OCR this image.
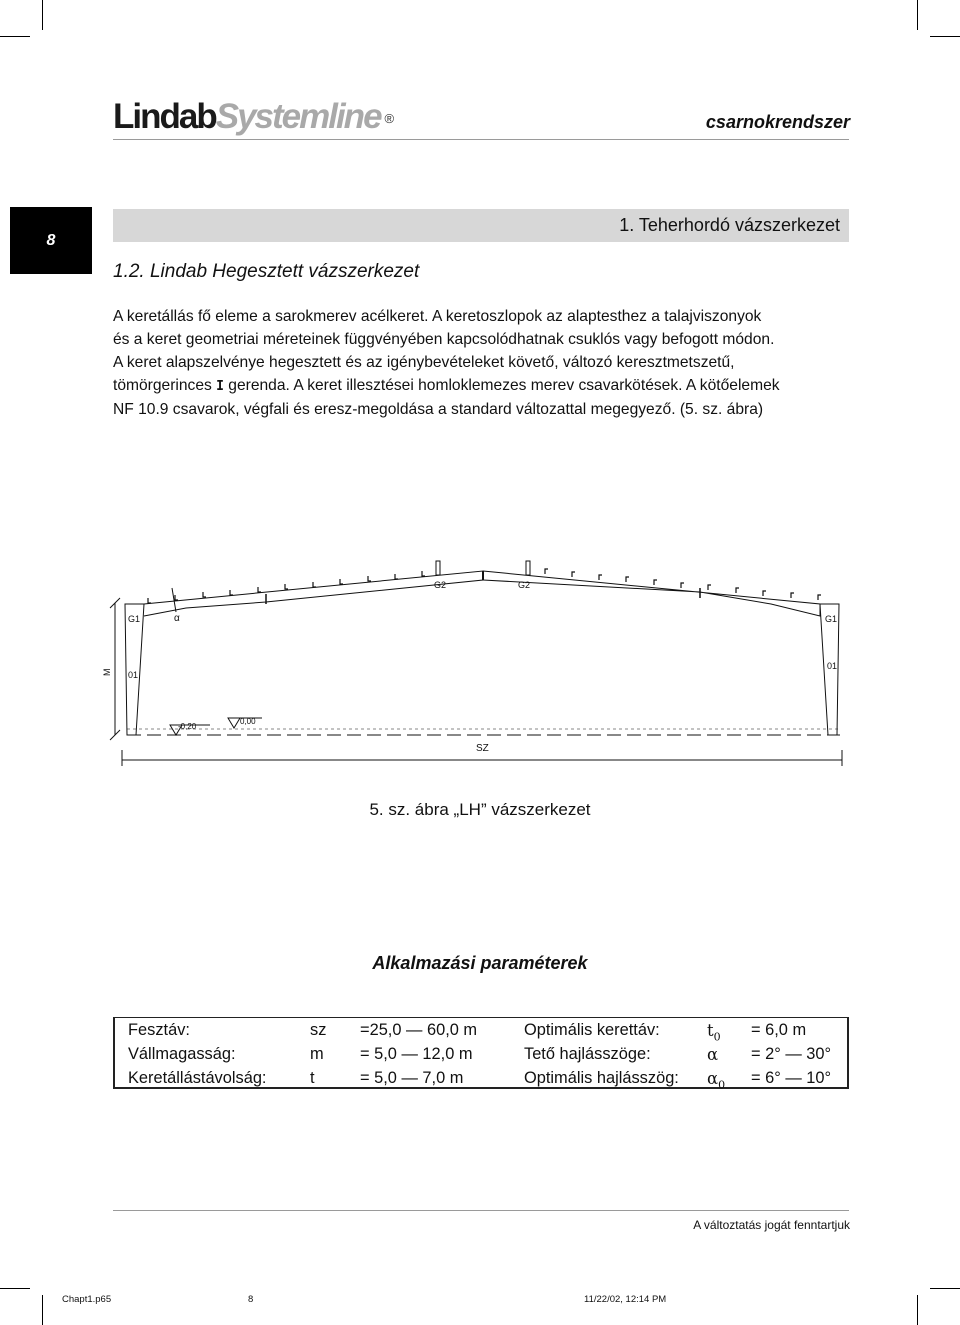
LindabSystemline ®	csarnokrendszer
8
1. Teherhordó vázszerkezet
1.2. Lindab Hegesztett vázszerkezet

A keretállás fő eleme a sarokmerev acélkeret. A keretoszlopok az alaptesthez a talajviszonyok

és a keret geometriai méreteinek függvényében kapcsolódhatnak csuklós vagy befogott módon.

A keret alapszelvénye hegesztett és az igénybevételeket követő, változó keresztmetszetű,

tömörgerinces I gerenda. A keret illesztései homloklemezes merev csavarkötések. A kötőelemek

NF 10.9 csavarok, végfali és eresz-megoldása a standard változattal megegyező. (5. sz. ábra)

G1	G1
G2	G2
01
01
α
-0,20
0,00
SZ
M
5. sz. ábra „LH” vázszerkezet
Alkalmazási paraméterek
Fesztáv:	sz =25,0 — 60,0 m	Optimális kerettáv:	$t_0 = 6,0$ m
Vállmagasság:	m = 5,0 — 12,0 m	Tető hajlásszöge:	α = 2° — 30°
Keretállástávolság:	t	= 5,0 — 7,0 m	Optimális hajlásszög: $\alpha_0 = 6^\circ$ — 10°
A változtatás jogát fenntartjuk
Chapt1.p65	8	11/22/02, 12:14 PM
